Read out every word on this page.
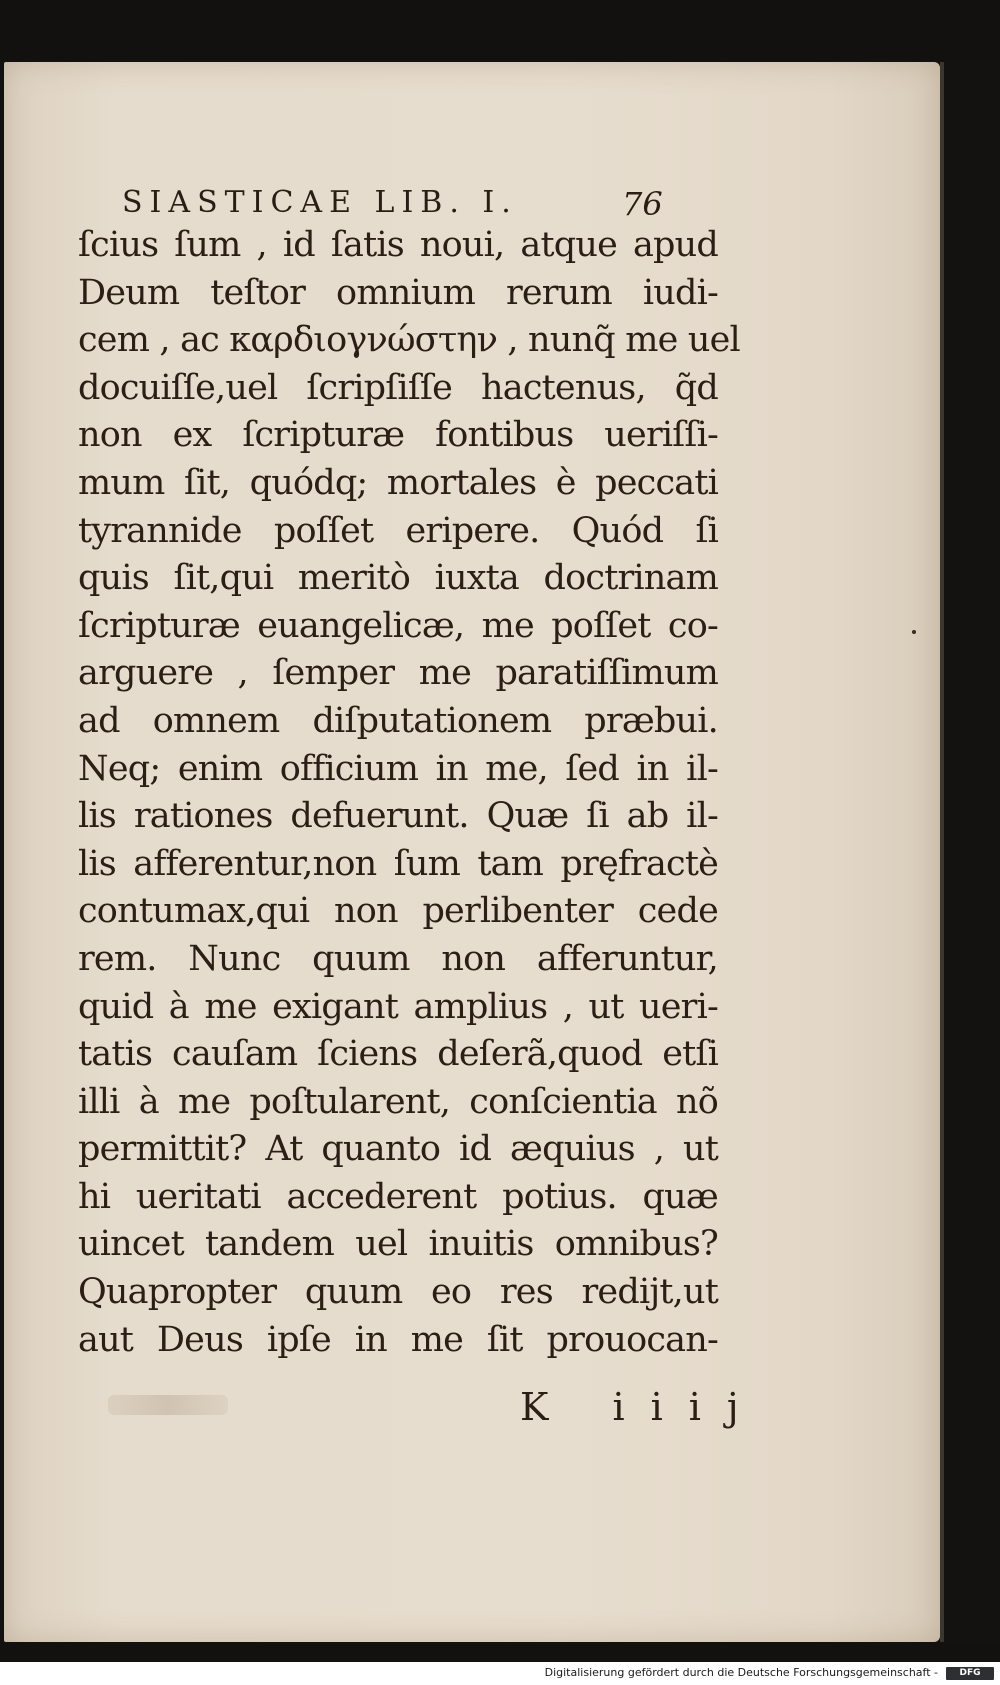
SIASTICAE LIB. I.	76
ſcius ſum , id ſatis noui, atque apud
Deum teſtor omnium rerum iudi-
cem , ac καρδιογνώστην , nunq̃ me uel
docuiſſe,uel ſcripſiſſe hactenus, q̃d
non ex ſcripturæ fontibus ueriſſi-
mum ſit, quódq; mortales è peccati
tyrannide poſſet eripere. Quód ſi
quis ſit,qui meritò iuxta doctrinam
ſcripturæ euangelicæ, me poſſet co-
arguere , ſemper me paratiſſimum
ad omnem diſputationem præbui.
Neq; enim officium in me, ſed in il-
lis rationes defuerunt. Quæ ſi ab il-
lis afferentur,non ſum tam pręfractè
contumax,qui non perlibenter cede
rem. Nunc quum non afferuntur,
quid à me exigant amplius , ut ueri-
tatis cauſam ſciens deſerã,quod etſi
illi à me poſtularent, conſcientia nõ
permittit? At quanto id æquius , ut
hi ueritati accederent potius. quæ
uincet tandem uel inuitis omnibus?
Quapropter quum eo res redijt,ut
aut Deus ipſe in me ſit prouocan-
K iiij
Digitalisierung gefördert durch die Deutsche Forschungsgemeinschaft -	DFG
